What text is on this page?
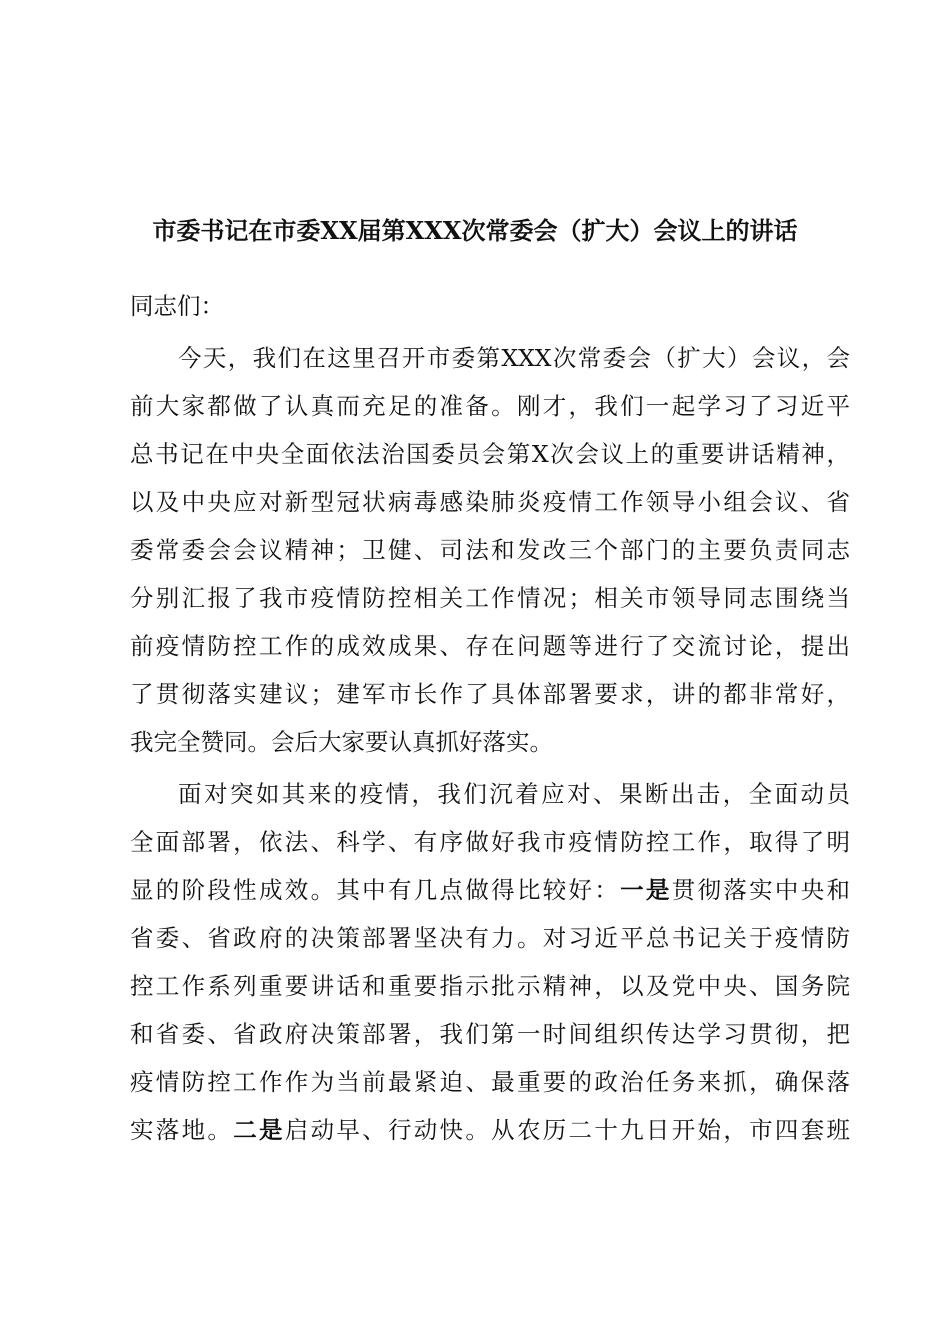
市委书记在市委XX届第XXX次常委会（扩大）会议上的讲话
同志们：
今天，我们在这里召开市委第XXX次常委会（扩大）会议，会
前大家都做了认真而充足的准备。刚才，我们一起学习了习近平
总书记在中央全面依法治国委员会第X次会议上的重要讲话精神，
以及中央应对新型冠状病毒感染肺炎疫情工作领导小组会议、省
委常委会会议精神；卫健、司法和发改三个部门的主要负责同志
分别汇报了我市疫情防控相关工作情况；相关市领导同志围绕当
前疫情防控工作的成效成果、存在问题等进行了交流讨论，提出
了贯彻落实建议；建军市长作了具体部署要求，讲的都非常好，
我完全赞同。会后大家要认真抓好落实。
面对突如其来的疫情，我们沉着应对、果断出击，全面动员
全面部署，依法、科学、有序做好我市疫情防控工作，取得了明
显的阶段性成效。其中有几点做得比较好：一是贯彻落实中央和
省委、省政府的决策部署坚决有力。对习近平总书记关于疫情防
控工作系列重要讲话和重要指示批示精神，以及党中央、国务院
和省委、省政府决策部署，我们第一时间组织传达学习贯彻，把
疫情防控工作作为当前最紧迫、最重要的政治任务来抓，确保落
实落地。二是启动早、行动快。从农历二十九日开始，市四套班
